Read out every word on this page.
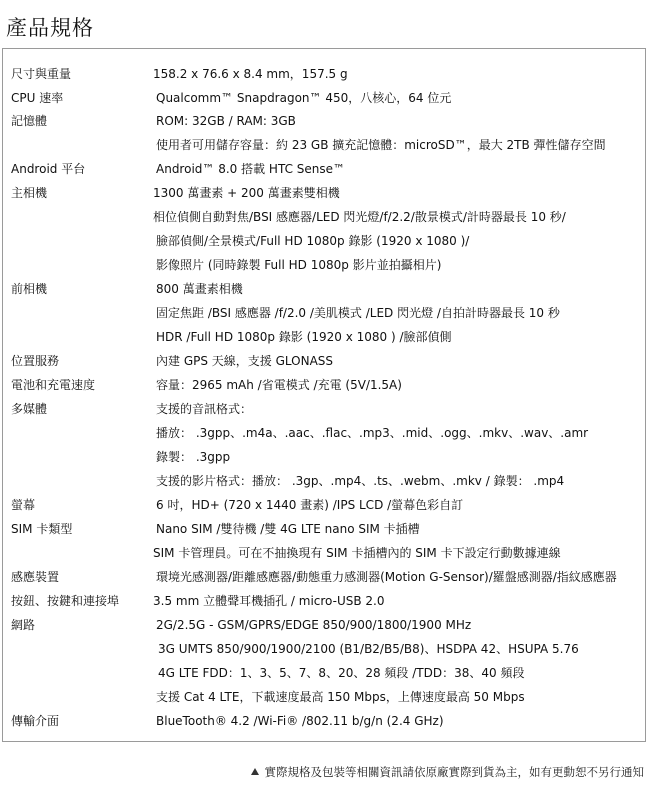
產品規格
尺寸與重量	158.2 x 76.6 x 8.4 mm，157.5 g
CPU 速率	Qualcomm™ Snapdragon™ 450，八核心，64 位元
記憶體	ROM: 32GB / RAM: 3GB
使用者可用儲存容量：約 23 GB 擴充記憶體：microSD™，最大 2TB 彈性儲存空間
Android 平台	Android™ 8.0 搭載 HTC Sense™
主相機	1300 萬畫素 + 200 萬畫素雙相機
相位偵側自動對焦/BSI 感應器/LED 閃光燈/f/2.2/散景模式/計時器最長 10 秒/
臉部偵側/全景模式/Full HD 1080p 錄影 (1920 x 1080 )/
影像照片 (同時錄製 Full HD 1080p 影片並拍攝相片)
前相機	800 萬畫素相機
固定焦距 /BSI 感應器 /f/2.0 /美肌模式 /LED 閃光燈 /自拍計時器最長 10 秒
HDR /Full HD 1080p 錄影 (1920 x 1080 ) /臉部偵側
位置服務	內建 GPS 天線，支援 GLONASS
電池和充電速度	容量：2965 mAh /省電模式 /充電 (5V/1.5A)
多媒體	支援的音訊格式：
播放： .3gpp、.m4a、.aac、.flac、.mp3、.mid、.ogg、.mkv、.wav、.amr
錄製： .3gpp
支援的影片格式：播放： .3gp、.mp4、.ts、.webm、.mkv / 錄製： .mp4
螢幕	6 吋，HD+ (720 x 1440 畫素) /IPS LCD /螢幕色彩自訂
SIM 卡類型	Nano SIM /雙待機 /雙 4G LTE nano SIM 卡插槽
SIM 卡管理員。可在不抽換現有 SIM 卡插槽內的 SIM 卡下設定行動數據連線
感應裝置	環境光感測器/距離感應器/動態重力感測器(Motion G-Sensor)/羅盤感測器/指紋感應器
按鈕、按鍵和連接埠	3.5 mm 立體聲耳機插孔 / micro-USB 2.0
網路	2G/2.5G - GSM/GPRS/EDGE 850/900/1800/1900 MHz
3G UMTS 850/900/1900/2100 (B1/B2/B5/B8)、HSDPA 42、HSUPA 5.76
4G LTE FDD：1、3、5、7、8、20、28 頻段 /TDD：38、40 頻段
支援 Cat 4 LTE，下載速度最高 150 Mbps，上傳速度最高 50 Mbps
傳輸介面	BlueTooth® 4.2 /Wi-Fi® /802.11 b/g/n (2.4 GHz)
實際規格及包裝等相關資訊請依原廠實際到貨為主，如有更動恕不另行通知
